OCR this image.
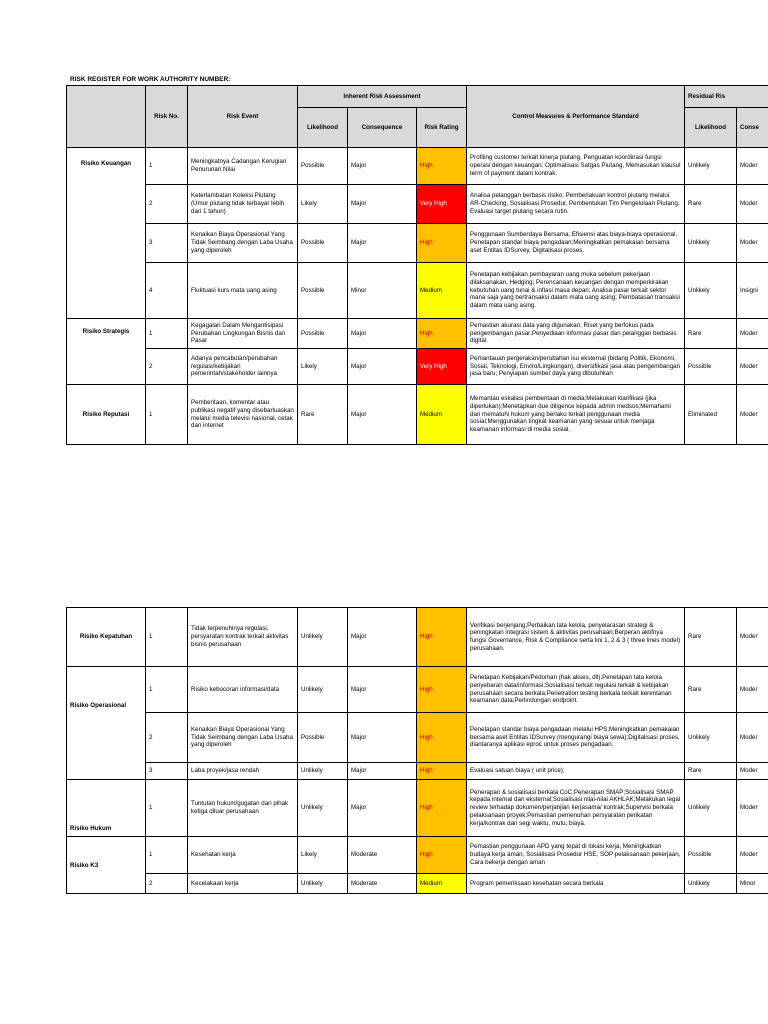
RISK REGISTER FOR WORK AUTHORITY NUMBER:
	Risk No.	Risk Event	Inherent Risk Assessment			Control Measures & Performance Standard	Residual Ris	
			Likelihood	Consequence	Risk Rating		Likelihood	Conse
Risiko Keuangan	1	Meningkatnya Cadangan Kerugian Penurunan Nilai	Possible	Major	High	Profiling customer terkait kinerja piutang, Penguatan koordinasi fungsi operasi dengan keuangan; Optimalisasi Satgas Piutang, Memasukan klausul term of payment dalam kontrak.	Unlikely	Moder
	2	Keterlambatan Koleksi Piutang (Umur piutang tidak terbayar lebih dari 1 tahun)	Likely	Major	Very High	Analisa pelanggan berbasis risiko; Pemberlakuan kontrol piutang melalui AR-Checking, Sosialisasi Prosedur, Pembentukan Tim Pengelolaan Piutang, Evaluasi target piutang secara rutin.	Rare	Moder
	3	Kenaikan Biaya Operasional Yang Tidak Seimbang dengan Laba Usaha yang diperoleh	Possible	Major	High	Penggunaan Sumberdaya Bersama, Efisiensi atas biaya-biaya operasional, Penetapan standar biaya pengadaan;Meningkatkan pemakaian bersama aset Entitas IDSurvey, Digitalisasi proses.	Unlikely	Moder
	4	Fluktuasi kurs mata uang asing	Possible	Minor	Medium	Penetapan kebijakan pembayaran uang muka sebelum pekerjaan dilaksanakan, Hedging; Perencanaan keuangan dengan memperkirakan kebutuhan uang tunai & inflasi masa depan; Analisa pasar terkait sektor mana saja yang bertransaksi dalam mata uang asing; Pembatasan transaksi dalam mata uang asing.	Unlikely	Insigni
Risiko Strategis	1	Kegagalan Dalam Mengantisipasi Perubahan Lingkungan Bisnis dan Pasar	Possible	Major	High	Pemastian akurasi data yang digunakan; Riset yang berfokus pada pengembangan pasar;Penyediaan informasi pasar dan pelanggan berbasis digital.	Rare	Moder
	2	Adanya pencabutan/perubahan regulasi/kebijakan pemerintah/stakeholder lainnya	Likely	Major	Very High	Pemantauan pergerakan/perubahan isu eksternal (bidang Politik, Ekonomi, Sosial, Teknologi, Enviro/Lingkungan), diversifikasi jasa atau pengembangan jasa baru; Penyiapan sumber daya yang dibutuhkan	Possible	Moder
Risiko Reputasi	1	Pemberitaan, komentar atau publikasi negatif yang disebarluaskan melalui media televisi nasional, cetak dan internet	Rare	Major	Medium	Memantau eskalasi pemberitaan di media;Melakukan klarifikasi (jika diperlukan);Menetapkan due diligence kepada admin medsos;Memahami dan mematuhi hukum yang berlaku terkait penggunaan media sosial;Menggunakan tingkat keamanan yang sesuai untuk menjaga keamanan informasi di media sosial.	Eliminated	Moder
Risiko Kepatuhan	1	Tidak terpenuhinya regulasi, persyaratan kontrak terkait aktivitas bisnis perusahaan	Unlikely	Major	High	Verifikasi berjenjang;Perbaikan tata kelola, penyelarasan strategi & peningkatan integrasi sistem & aktivitas perusahaan;Berperan aktifnya fungsi Governance, Risk & Compliance serta lini 1, 2 & 3 ( three lines model) perusahaan.	Rare	Moder
Risiko Operasional	1	Risiko kebocoran informasi/data	Unlikely	Major	High	Penetapan Kebijakan/Pedoman (hak akses, dll);Penetapan tata kelola penyebaran data/informasi;Sosialisasi terkait regulasi terkait & kebijakan perusahaan secara berkala;Penetration testing berkala terkait kerentanan keamanan data;Perlindungan endpoint.	Rare	Moder
	2	Kenaikan Biaya Operasional Yang Tidak Seimbang dengan Laba Usaha yang diperoleh	Possible	Major	High	Penetapan standar biaya pengadaan melalui HPS;Meningkatkan pemakaian bersama aset Entitas IDSurvey (mengurangi biaya sewa);Digitalisasi proses, diantaranya aplikasi eproc untuk proses pengadaan.	Unlikely	Moder
	3	Laba proyek/jasa rendah	Unlikely	Major	High	Evaluasi satuan biaya ( unit price);	Rare	Moder
Risiko Hukum	1	Tuntutan hukum/gugatan dari pihak ketiga diluar perusahaan	Unlikely	Major	High	Penerapan & sosialisasi berkala CoC;Penerapan SMAP;Sosialisasi SMAP kepada internal dan eksternal;Sosialisasi nilai-nilai AKHLAK;Melakukan legal review terhadap dokumen/perjanjian kerjasama/ kontrak;Supervisi berkala pelaksanaan proyek;Pemastian pemenuhan persyaratan perikatan kerja/kontrak dari segi waktu, mutu, biaya.	Unlikely	Moder
Risiko K3	1	Kesehatan kerja	Likely	Moderate	High	Pemastian penggunaan APD yang tepat di lokasi kerja, Meningkatkan budaya kerja aman, Sosialisasi Prosedur HSE, SOP pelaksanaan pekerjaan, Cara bekerja dengan aman	Possible	Moder
	2	Kecelakaan kerja	Unlikely	Moderate	Medium	Program pemeriksaan kesehatan secara berkala	Unlikely	Minor
